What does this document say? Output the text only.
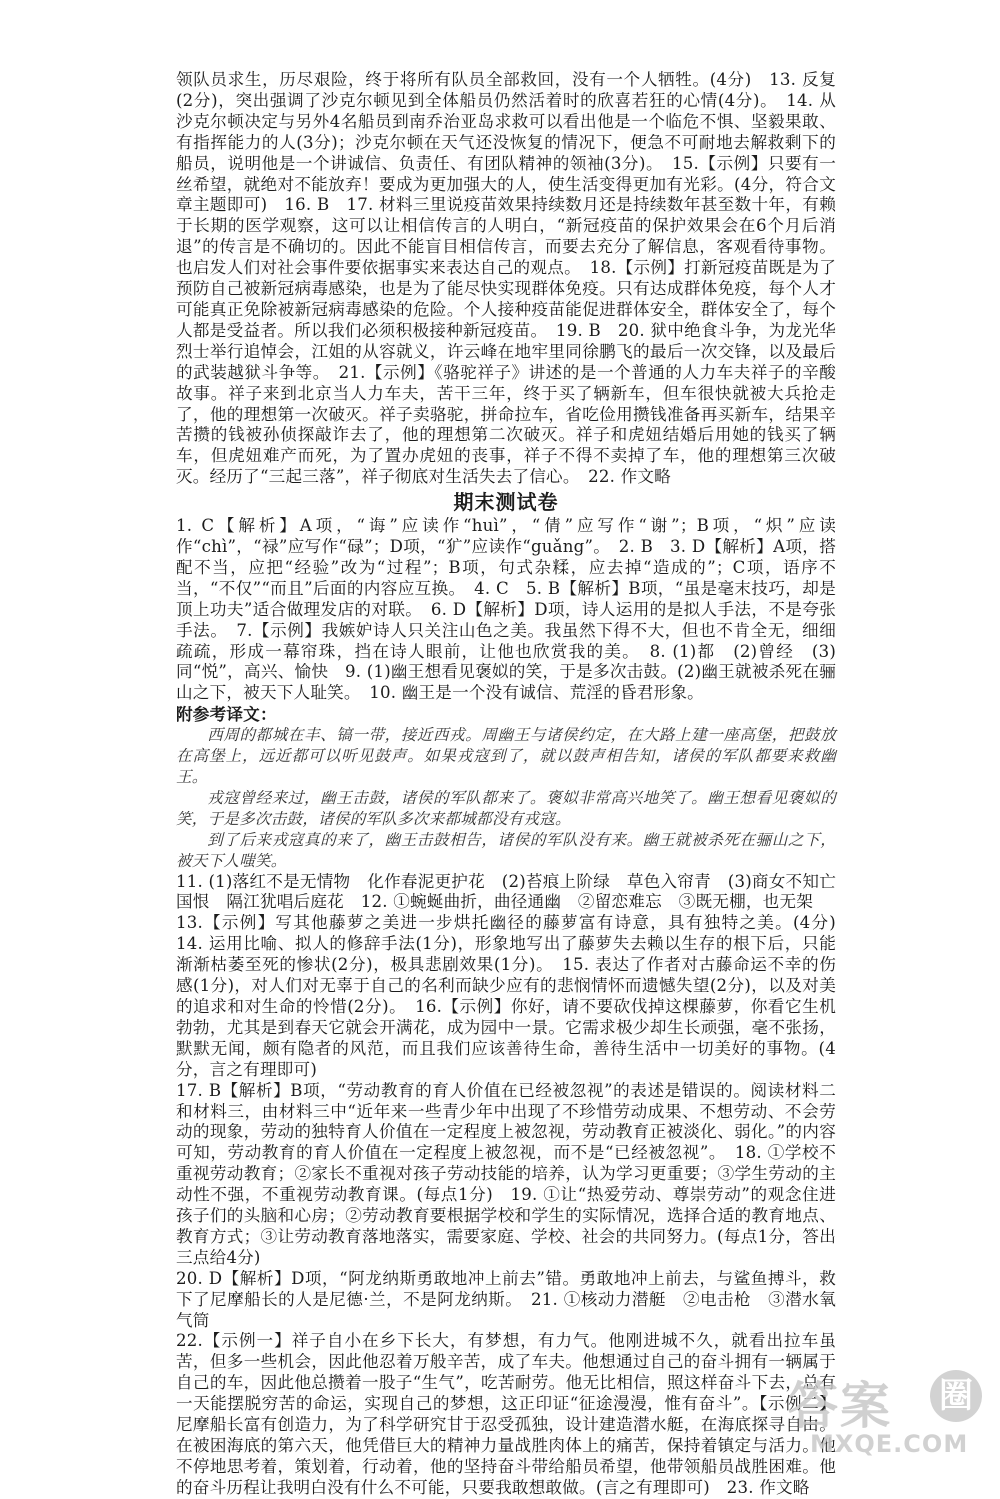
领队员求生，历尽艰险，终于将所有队员全部救回，没有一个人牺牲。(4分)　13. 反复(2分)，突出强调了沙克尔顿见到全体船员仍然活着时的欣喜若狂的心情(4分)。　14. 从沙克尔顿决定与另外4名船员到南乔治亚岛求救可以看出他是一个临危不惧、坚毅果敢、有指挥能力的人(3分)；沙克尔顿在天气还没恢复的情况下，便急不可耐地去解救剩下的船员，说明他是一个讲诚信、负责任、有团队精神的领袖(3分)。　15.【示例】只要有一丝希望，就绝对不能放弃！要成为更加强大的人，使生活变得更加有光彩。(4分，符合文章主题即可)　16. B　17. 材料三里说疫苗效果持续数月还是持续数年甚至数十年，有赖于长期的医学观察，这可以让相信传言的人明白，“新冠疫苗的保护效果会在6个月后消退”的传言是不确切的。因此不能盲目相信传言，而要去充分了解信息，客观看待事物。也启发人们对社会事件要依据事实来表达自己的观点。　18.【示例】打新冠疫苗既是为了预防自己被新冠病毒感染，也是为了能尽快实现群体免疫。只有达成群体免疫，每个人才可能真正免除被新冠病毒感染的危险。个人接种疫苗能促进群体安全，群体安全了，每个人都是受益者。所以我们必须积极接种新冠疫苗。　19. B　20. 狱中绝食斗争，为龙光华烈士举行追悼会，江姐的从容就义，许云峰在地牢里同徐鹏飞的最后一次交锋，以及最后的武装越狱斗争等。　21.【示例】《骆驼祥子》讲述的是一个普通的人力车夫祥子的辛酸故事。祥子来到北京当人力车夫，苦干三年，终于买了辆新车，但车很快就被大兵抢走了，他的理想第一次破灭。祥子卖骆驼，拼命拉车，省吃俭用攒钱准备再买新车，结果辛苦攒的钱被孙侦探敲诈去了，他的理想第二次破灭。祥子和虎妞结婚后用她的钱买了辆车，但虎妞难产而死，为了置办虎妞的丧事，祥子不得不卖掉了车，他的理想第三次破灭。经历了“三起三落”，祥子彻底对生活失去了信心。　22. 作文略

期末测试卷

1. C【解析】A项，“诲”应读作“huì”，“倩”应写作“谢”；B项，“炽”应读作“chì”，“禄”应写作“碌”；D项，“犷”应读作“guǎng”。　2. B　3. D【解析】A项，搭配不当，应把“经验”改为“过程”；B项，句式杂糅，应去掉“造成的”；C项，语序不当，“不仅”“而且”后面的内容应互换。　4. C　5. B【解析】B项，“虽是毫末技巧，却是顶上功夫”适合做理发店的对联。　6. D【解析】D项，诗人运用的是拟人手法，不是夸张手法。　7.【示例】我嫉妒诗人只关注山色之美。我虽然下得不大，但也不肯全无，细细疏疏，形成一幕帘珠，挡在诗人眼前，让他也欣赏我的美。　8. (1)都　(2)曾经　(3)同“悦”，高兴、愉快　9. (1)幽王想看见褒姒的笑，于是多次击鼓。(2)幽王就被杀死在骊山之下，被天下人耻笑。　10. 幽王是一个没有诚信、荒淫的昏君形象。

附参考译文：

西周的都城在丰、镐一带，接近西戎。周幽王与诸侯约定，在大路上建一座高堡，把鼓放在高堡上，远近都可以听见鼓声。如果戎寇到了，就以鼓声相告知，诸侯的军队都要来救幽王。

戎寇曾经来过，幽王击鼓，诸侯的军队都来了。褒姒非常高兴地笑了。幽王想看见褒姒的笑，于是多次击鼓，诸侯的军队多次来都城都没有戎寇。

到了后来戎寇真的来了，幽王击鼓相告，诸侯的军队没有来。幽王就被杀死在骊山之下，被天下人嗤笑。

11. (1)落红不是无情物　化作春泥更护花　(2)苔痕上阶绿　草色入帘青　(3)商女不知亡国恨　隔江犹唱后庭花　12. ①蜿蜒曲折，曲径通幽　②留恋难忘　③既无棚，也无架

13.【示例】写其他藤萝之美进一步烘托幽径的藤萝富有诗意，具有独特之美。(4分)　14. 运用比喻、拟人的修辞手法(1分)，形象地写出了藤萝失去赖以生存的根下后，只能渐渐枯萎至死的惨状(2分)，极具悲剧效果(1分)。　15. 表达了作者对古藤命运不幸的伤感(1分)，对人们对无辜于自己的名利而缺少应有的悲悯情怀而遗憾失望(2分)，以及对美的追求和对生命的怜惜(2分)。　16.【示例】你好，请不要砍伐掉这棵藤萝，你看它生机勃勃，尤其是到春天它就会开满花，成为园中一景。它需求极少却生长顽强，毫不张扬，默默无闻，颇有隐者的风范，而且我们应该善待生命，善待生活中一切美好的事物。(4分，言之有理即可)

17. B【解析】B项，“劳动教育的育人价值在已经被忽视”的表述是错误的。阅读材料二和材料三，由材料三中“近年来一些青少年中出现了不珍惜劳动成果、不想劳动、不会劳动的现象，劳动的独特育人价值在一定程度上被忽视，劳动教育正被淡化、弱化。”的内容可知，劳动教育的育人价值在一定程度上被忽视，而不是“已经被忽视”。　18. ①学校不重视劳动教育；②家长不重视对孩子劳动技能的培养，认为学习更重要；③学生劳动的主动性不强，不重视劳动教育课。(每点1分)　19. ①让“热爱劳动、尊崇劳动”的观念住进孩子们的头脑和心房；②劳动教育要根据学校和学生的实际情况，选择合适的教育地点、教育方式；③让劳动教育落地落实，需要家庭、学校、社会的共同努力。(每点1分，答出三点给4分)

20. D【解析】D项，“阿龙纳斯勇敢地冲上前去”错。勇敢地冲上前去，与鲨鱼搏斗，救下了尼摩船长的人是尼德·兰，不是阿龙纳斯。　21. ①核动力潜艇　②电击枪　③潜水氧气筒

22.【示例一】祥子自小在乡下长大，有梦想，有力气。他刚进城不久，就看出拉车虽苦，但多一些机会，因此他忍着万般辛苦，成了车夫。他想通过自己的奋斗拥有一辆属于自己的车，因此他总攒着一股子“生气”，吃苦耐劳。他无比相信，照这样奋斗下去，总有一天能摆脱穷苦的命运，实现自己的梦想，这正印证“征途漫漫，惟有奋斗”。【示例二】尼摩船长富有创造力，为了科学研究甘于忍受孤独，设计建造潜水艇，在海底探寻自由。在被困海底的第六天，他凭借巨大的精神力量战胜肉体上的痛苦，保持着镇定与活力。他不停地思考着，策划着，行动着，他的坚持奋斗带给船员希望，他带领船员战胜困难。他的奋斗历程让我明白没有什么不可能，只要我敢想敢做。(言之有理即可)　23. 作文略

答案 圈
MXQE.COM
